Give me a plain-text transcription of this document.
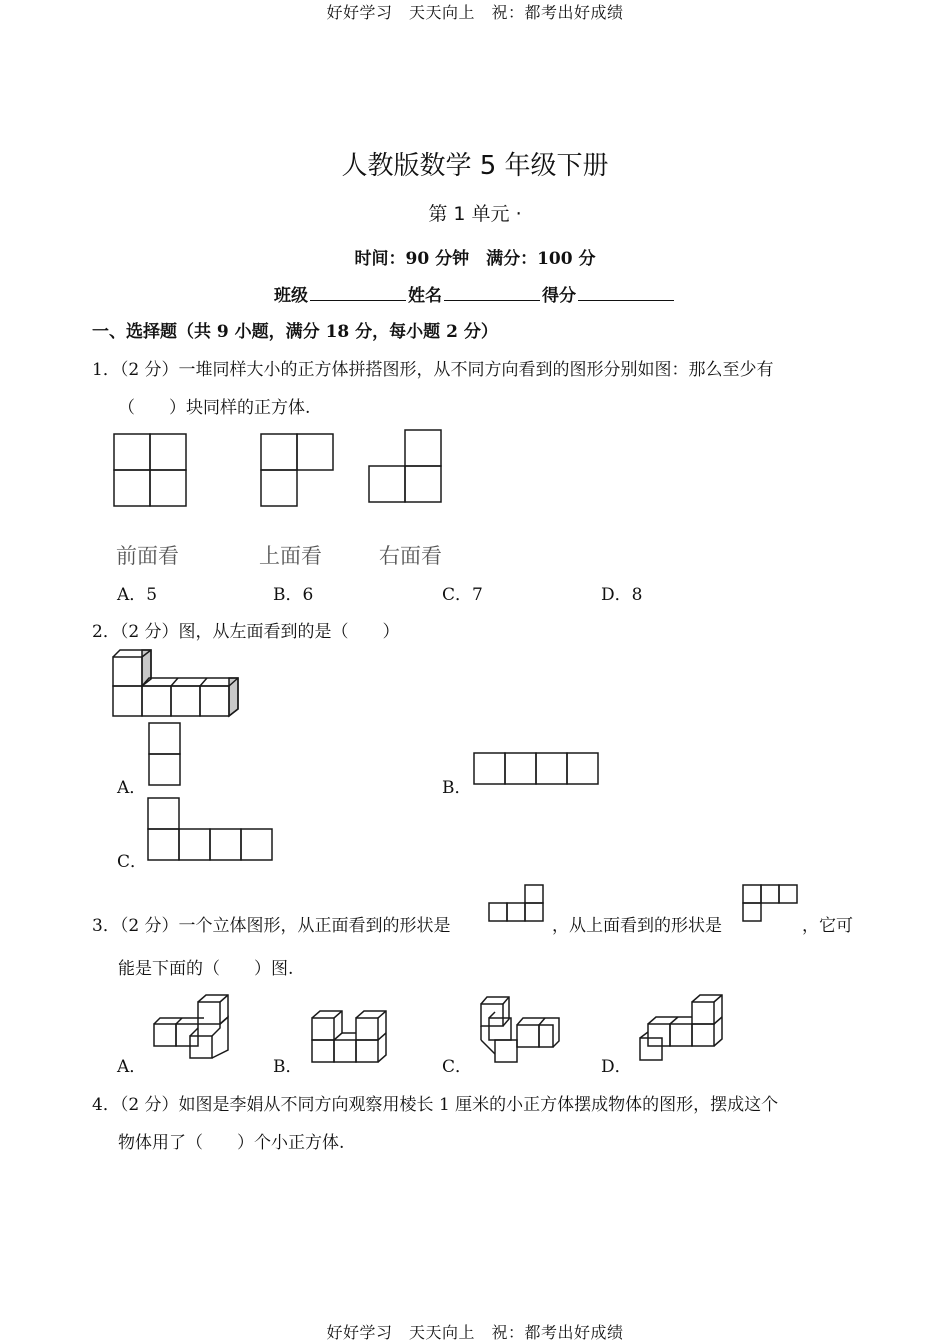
好好学习　天天向上　祝：都考出好成绩
人教版数学 5 年级下册
第 1 单元 ·
时间：90 分钟　满分：100 分
班级	姓名	得分
一、选择题（共 9 小题，满分 18 分，每小题 2 分）
1．（2 分）一堆同样大小的正方体拼搭图形，从不同方向看到的图形分别如图：那么至少有
（　　）块同样的正方体.
前面看	上面看	右面看
A．5	B．6	C．7	D．8
2．（2 分）图，从左面看到的是（　　）
A．	B．
C．
3．（2 分）一个立体图形，从正面看到的形状是	，从上面看到的形状是	，它可
能是下面的（　　）图.
A．	B．	C．	D．
4．（2 分）如图是李娟从不同方向观察用棱长 1 厘米的小正方体摆成物体的图形，摆成这个
物体用了（　　）个小正方体.
好好学习　天天向上　祝：都考出好成绩
